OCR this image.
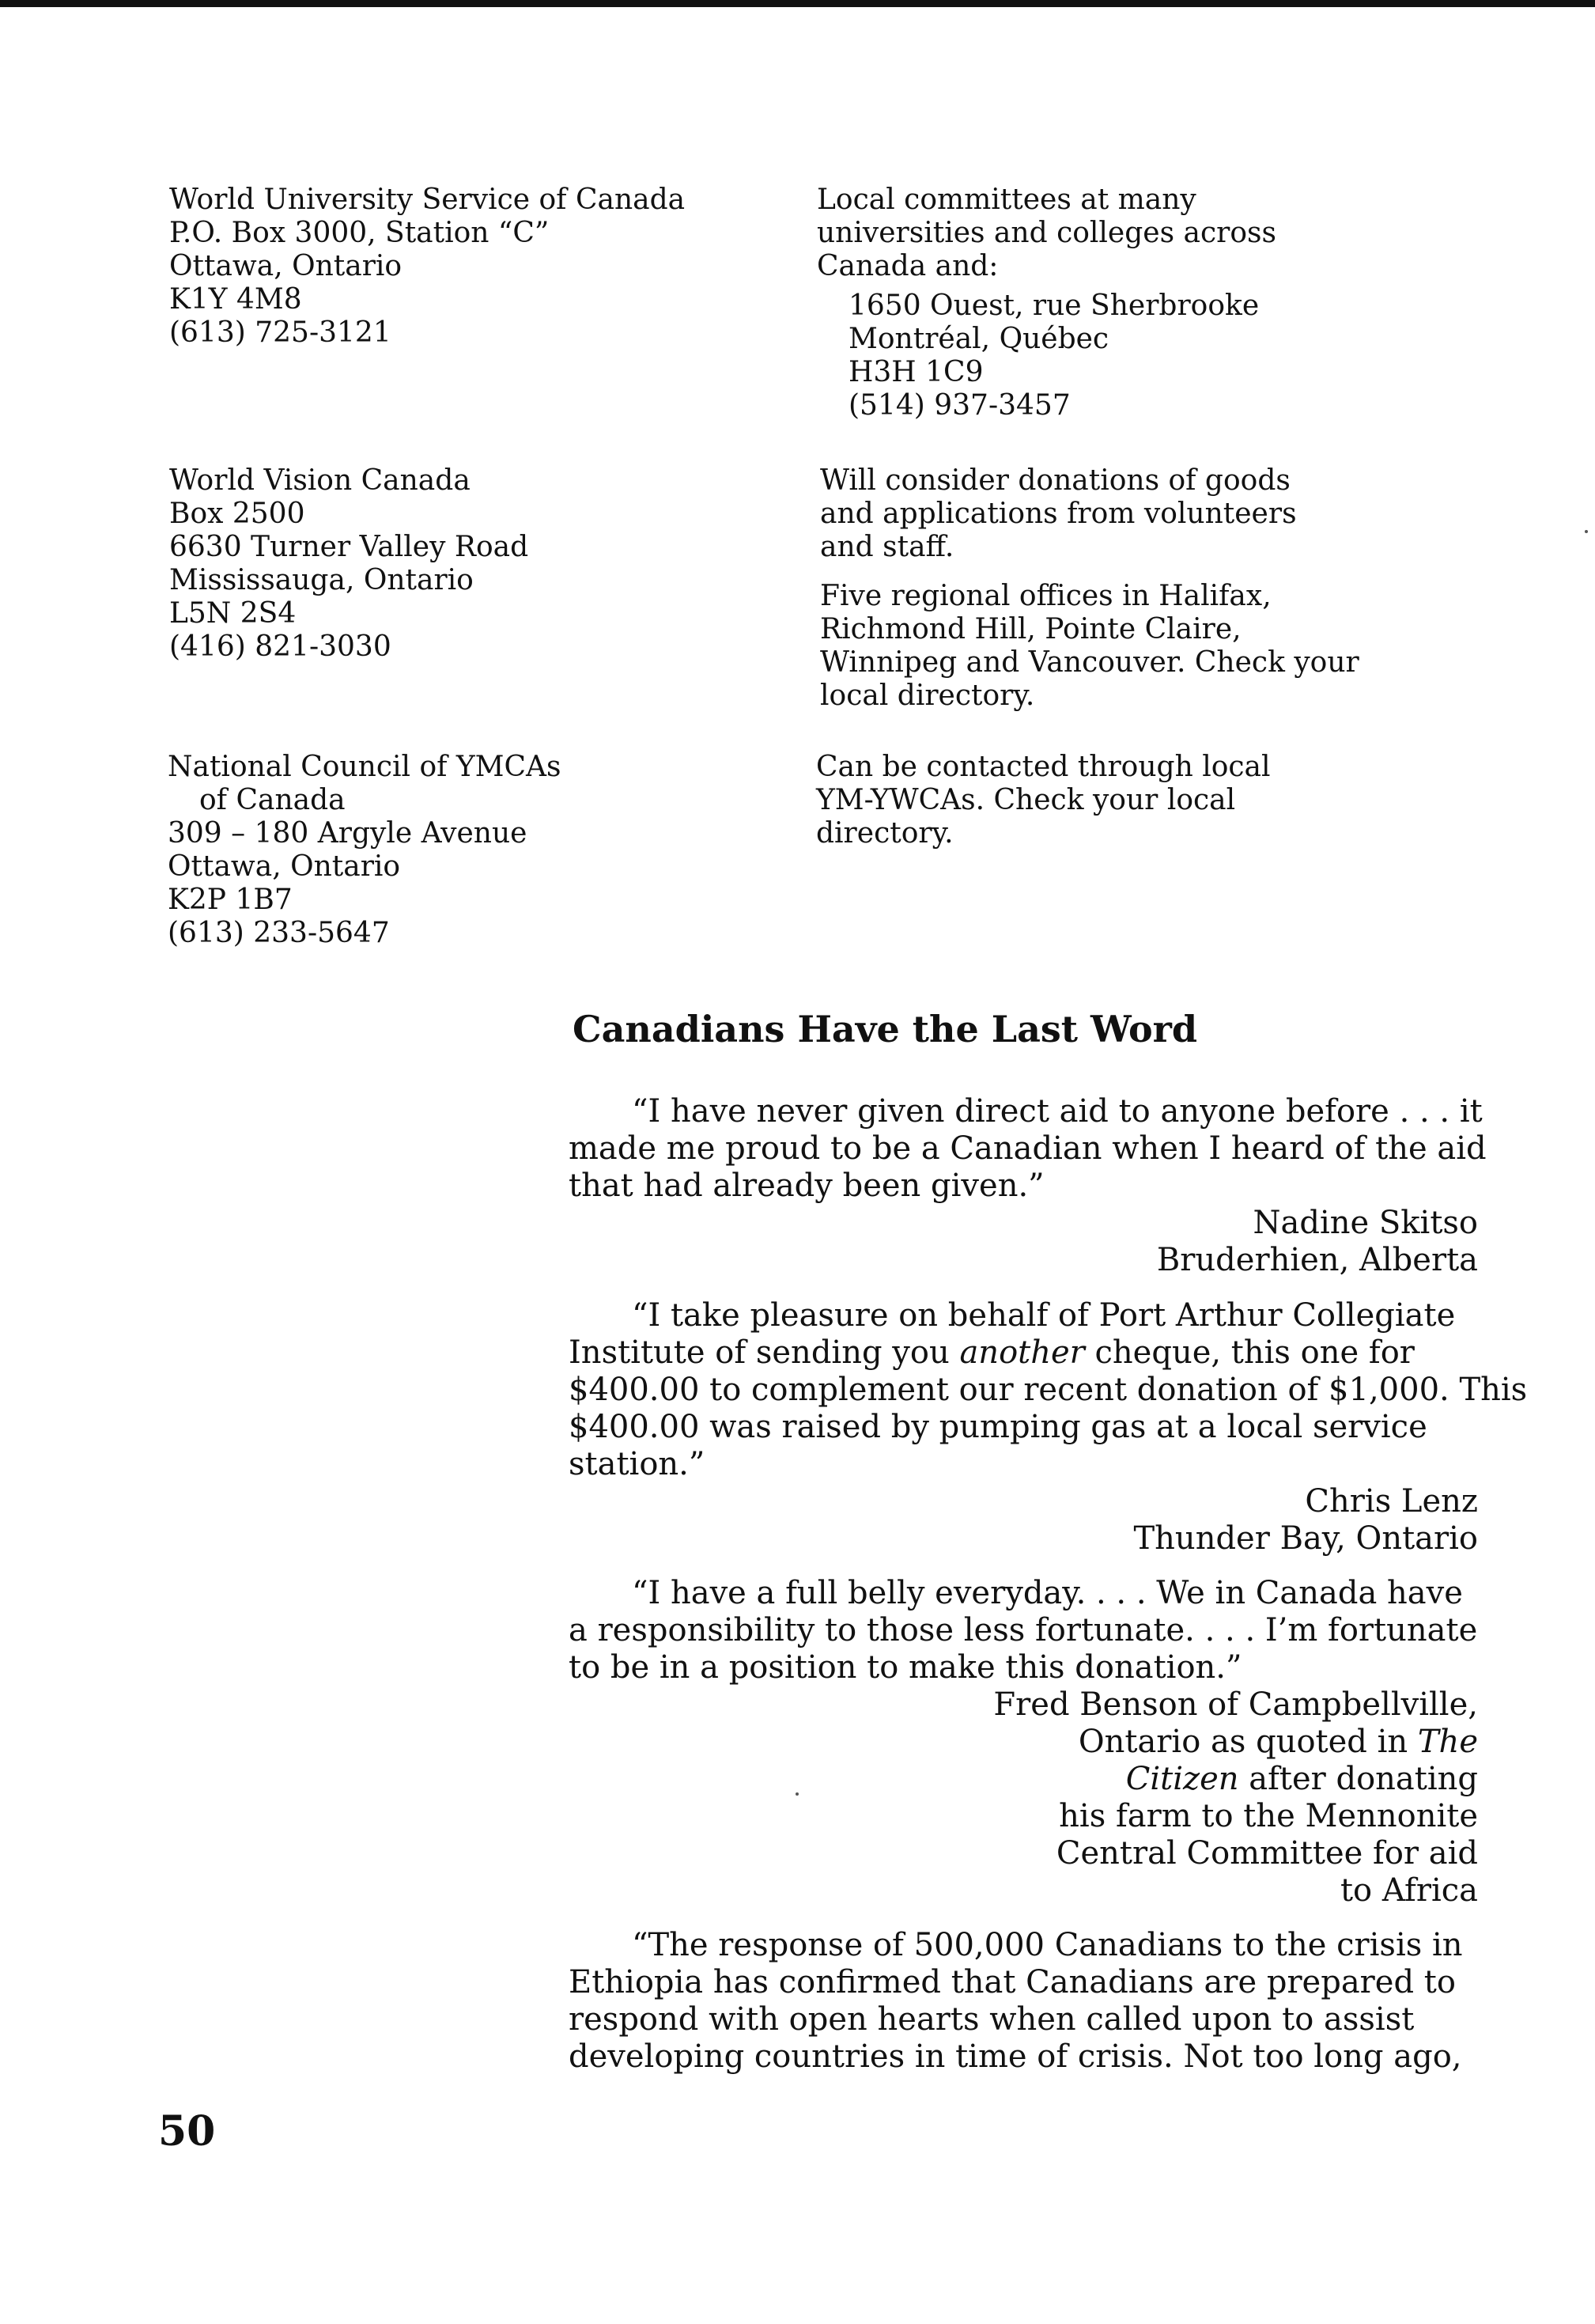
World University Service of Canada
P.O. Box 3000, Station “C”
Ottawa, Ontario
K1Y 4M8
(613) 725-3121
Local committees at many
universities and colleges across
Canada and:
1650 Ouest, rue Sherbrooke
Montréal, Québec
H3H 1C9
(514) 937-3457
World Vision Canada
Box 2500
6630 Turner Valley Road
Mississauga, Ontario
L5N 2S4
(416) 821-3030
Will consider donations of goods
and applications from volunteers
and staff.
Five regional offices in Halifax,
Richmond Hill, Pointe Claire,
Winnipeg and Vancouver. Check your
local directory.
National Council of YMCAs
of Canada
309 – 180 Argyle Avenue
Ottawa, Ontario
K2P 1B7
(613) 233-5647
Can be contacted through local
YM-YWCAs. Check your local
directory.
Canadians Have the Last Word
“I have never given direct aid to anyone before . . . it
made me proud to be a Canadian when I heard of the aid
that had already been given.”
Nadine Skitso
Bruderhien, Alberta
“I take pleasure on behalf of Port Arthur Collegiate
Institute of sending you another cheque, this one for
$400.00 to complement our recent donation of $1,000. This
$400.00 was raised by pumping gas at a local service
station.”
Chris Lenz
Thunder Bay, Ontario
“I have a full belly everyday. . . . We in Canada have
a responsibility to those less fortunate. . . . I’m fortunate
to be in a position to make this donation.”
Fred Benson of Campbellville,
Ontario as quoted in The
Citizen after donating
his farm to the Mennonite
Central Committee for aid
to Africa
“The response of 500,000 Canadians to the crisis in
Ethiopia has confirmed that Canadians are prepared to
respond with open hearts when called upon to assist
developing countries in time of crisis. Not too long ago,
50
